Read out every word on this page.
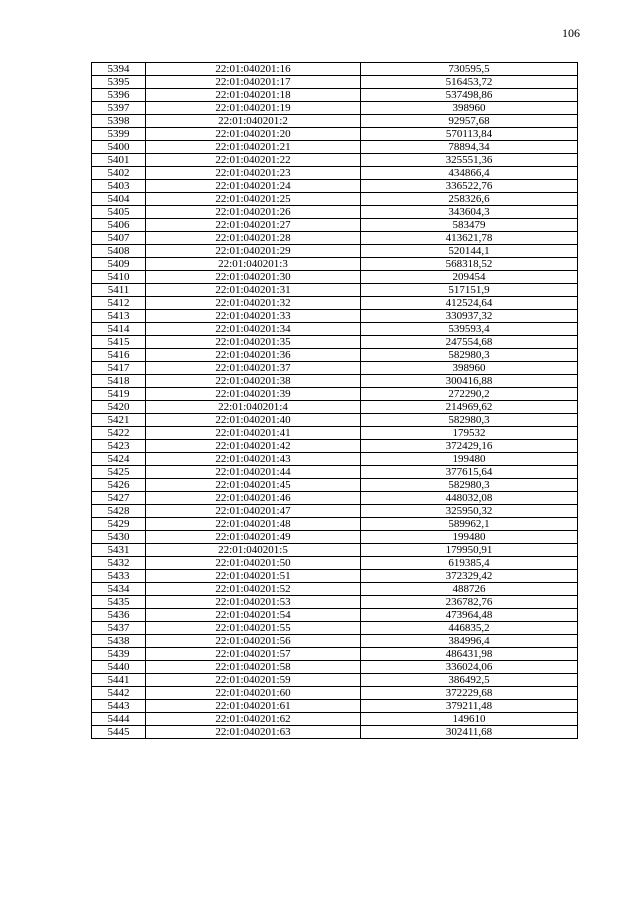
106
5394	22:01:040201:16	730595,5
5395	22:01:040201:17	516453,72
5396	22:01:040201:18	537498,86
5397	22:01:040201:19	398960
5398	22:01:040201:2	92957,68
5399	22:01:040201:20	570113,84
5400	22:01:040201:21	78894,34
5401	22:01:040201:22	325551,36
5402	22:01:040201:23	434866,4
5403	22:01:040201:24	336522,76
5404	22:01:040201:25	258326,6
5405	22:01:040201:26	343604,3
5406	22:01:040201:27	583479
5407	22:01:040201:28	413621,78
5408	22:01:040201:29	520144,1
5409	22:01:040201:3	568318,52
5410	22:01:040201:30	209454
5411	22:01:040201:31	517151,9
5412	22:01:040201:32	412524,64
5413	22:01:040201:33	330937,32
5414	22:01:040201:34	539593,4
5415	22:01:040201:35	247554,68
5416	22:01:040201:36	582980,3
5417	22:01:040201:37	398960
5418	22:01:040201:38	300416,88
5419	22:01:040201:39	272290,2
5420	22:01:040201:4	214969,62
5421	22:01:040201:40	582980,3
5422	22:01:040201:41	179532
5423	22:01:040201:42	372429,16
5424	22:01:040201:43	199480
5425	22:01:040201:44	377615,64
5426	22:01:040201:45	582980,3
5427	22:01:040201:46	448032,08
5428	22:01:040201:47	325950,32
5429	22:01:040201:48	589962,1
5430	22:01:040201:49	199480
5431	22:01:040201:5	179950,91
5432	22:01:040201:50	619385,4
5433	22:01:040201:51	372329,42
5434	22:01:040201:52	488726
5435	22:01:040201:53	236782,76
5436	22:01:040201:54	473964,48
5437	22:01:040201:55	446835,2
5438	22:01:040201:56	384996,4
5439	22:01:040201:57	486431,98
5440	22:01:040201:58	336024,06
5441	22:01:040201:59	386492,5
5442	22:01:040201:60	372229,68
5443	22:01:040201:61	379211,48
5444	22:01:040201:62	149610
5445	22:01:040201:63	302411,68
